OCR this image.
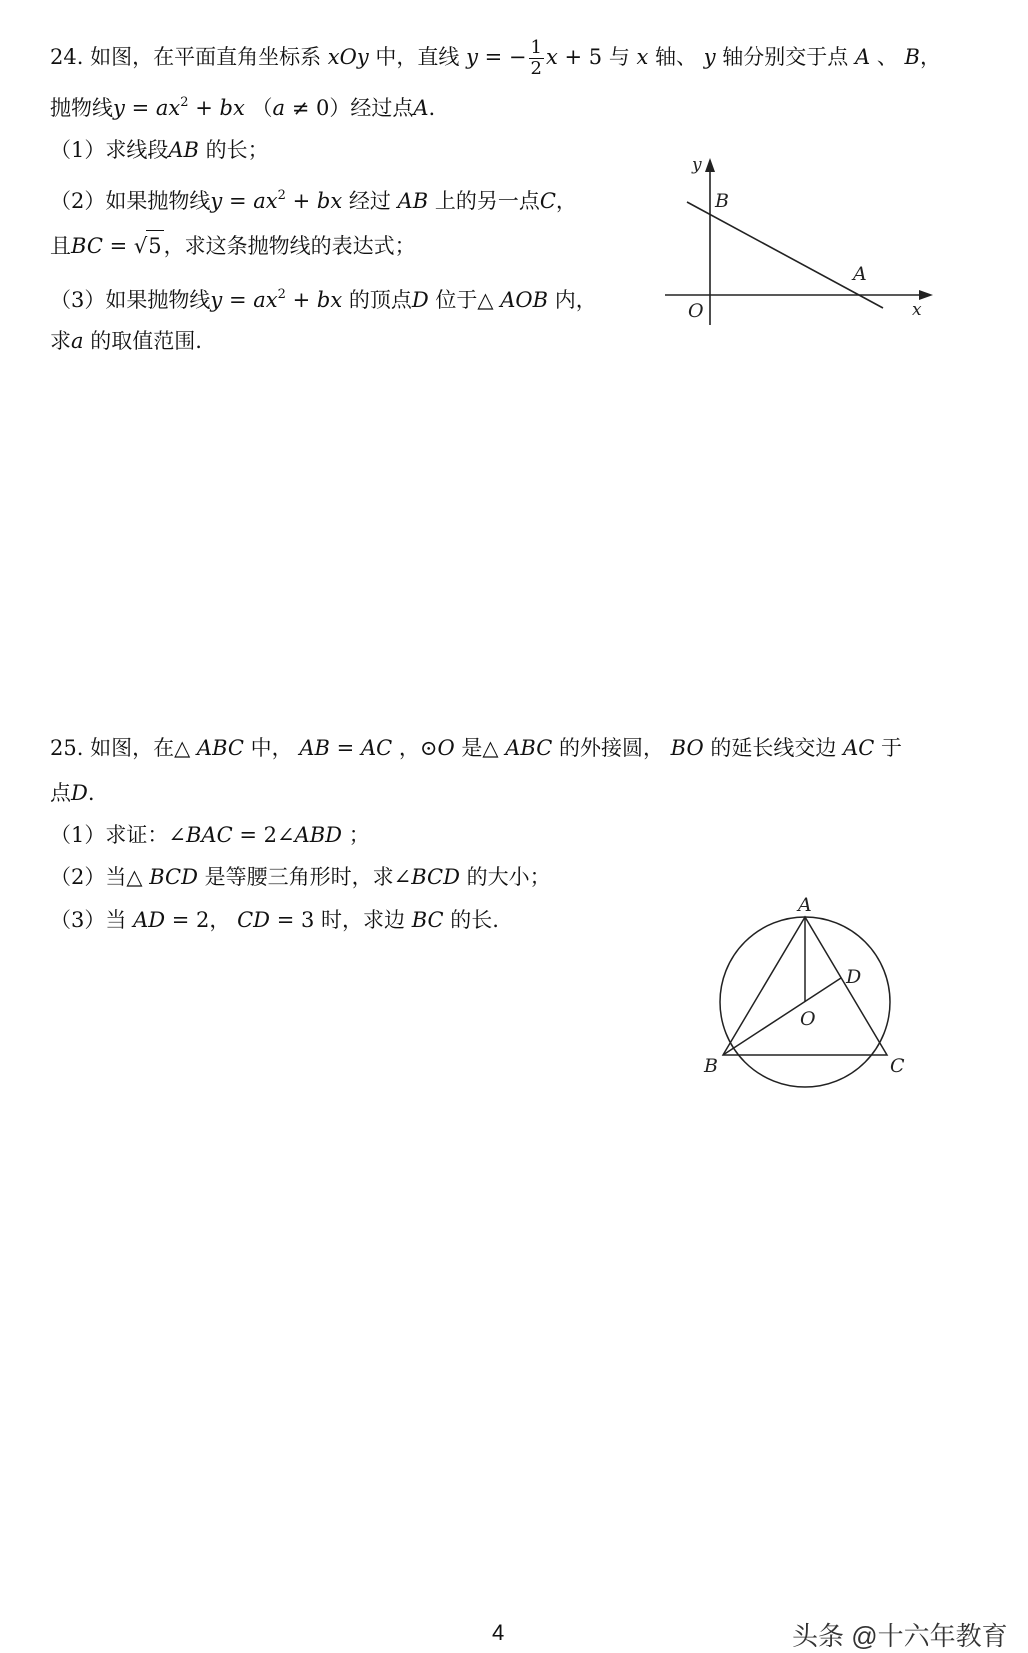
24. 如图，在平面直角坐标系 xOy 中，直线 y = − $\frac{1}{2}$ x + 5 与 x 轴、 y 轴分别交于点 A 、 B，
抛物线$y = ax^2$ + bx （a ≠ 0）经过点A.
（1）求线段AB 的长；
（2）如果抛物线$y = ax^2$ + bx 经过 AB 上的另一点C，
且BC = √5，求这条抛物线的表达式；
（3）如果抛物线$y = ax^2$ + bx 的顶点D 位于△ AOB 内，
求a 的取值范围.
y
x
B
A
O
25. 如图，在△ ABC 中， AB = AC ，⊙O 是△ ABC 的外接圆， BO 的延长线交边 AC 于
点D.
（1）求证：∠BAC = 2∠ABD ；
（2）当△ BCD 是等腰三角形时，求∠BCD 的大小；
（3）当 AD = 2， CD = 3 时，求边 BC 的长.
A
B	C
D
O
4	头条 @十六年教育
